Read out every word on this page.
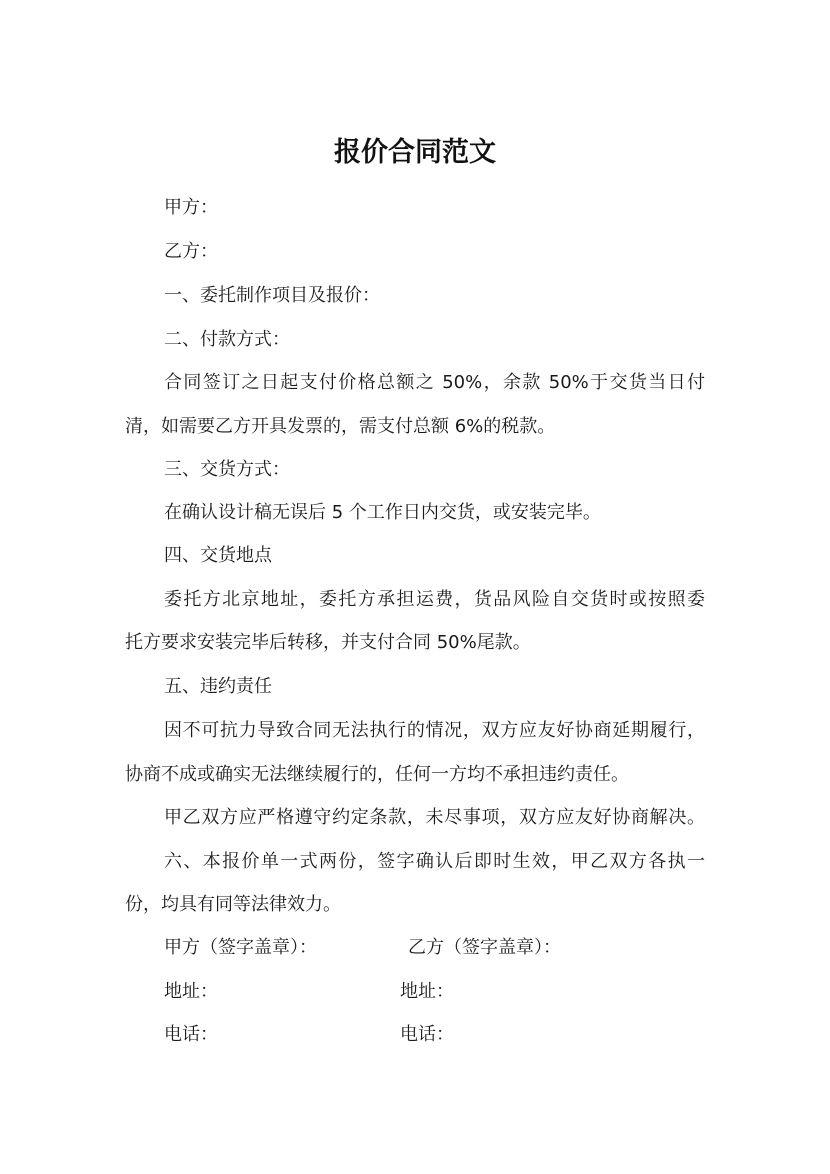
报价合同范文
甲方：
乙方：
一、委托制作项目及报价：
二、付款方式：
合同签订之日起支付价格总额之 50%，余款 50%于交货当日付
清，如需要乙方开具发票的，需支付总额 6%的税款。
三、交货方式：
在确认设计稿无误后 5 个工作日内交货，或安装完毕。
四、交货地点
委托方北京地址，委托方承担运费，货品风险自交货时或按照委
托方要求安装完毕后转移，并支付合同 50%尾款。
五、违约责任
因不可抗力导致合同无法执行的情况，双方应友好协商延期履行，
协商不成或确实无法继续履行的，任何一方均不承担违约责任。
甲乙双方应严格遵守约定条款，未尽事项，双方应友好协商解决。
六、本报价单一式两份，签字确认后即时生效，甲乙双方各执一
份，均具有同等法律效力。
甲方（签字盖章）：	乙方（签字盖章）：
地址：	地址：
电话：	电话：
